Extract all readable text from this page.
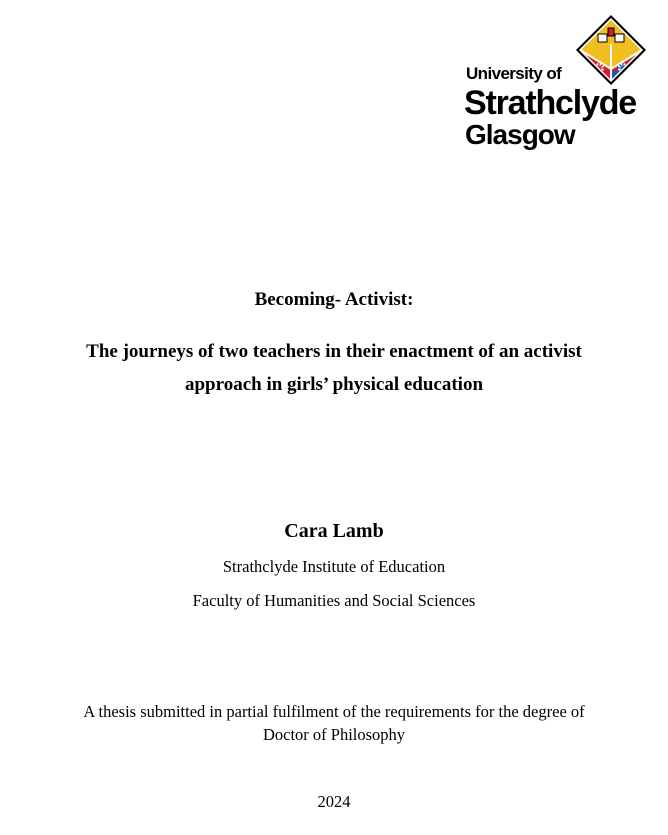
University of
Strathclyde
Glasgow
Becoming- Activist:
The journeys of two teachers in their enactment of an activist
approach in girls’ physical education
Cara Lamb
Strathclyde Institute of Education
Faculty of Humanities and Social Sciences
A thesis submitted in partial fulfilment of the requirements for the degree of
Doctor of Philosophy
2024
